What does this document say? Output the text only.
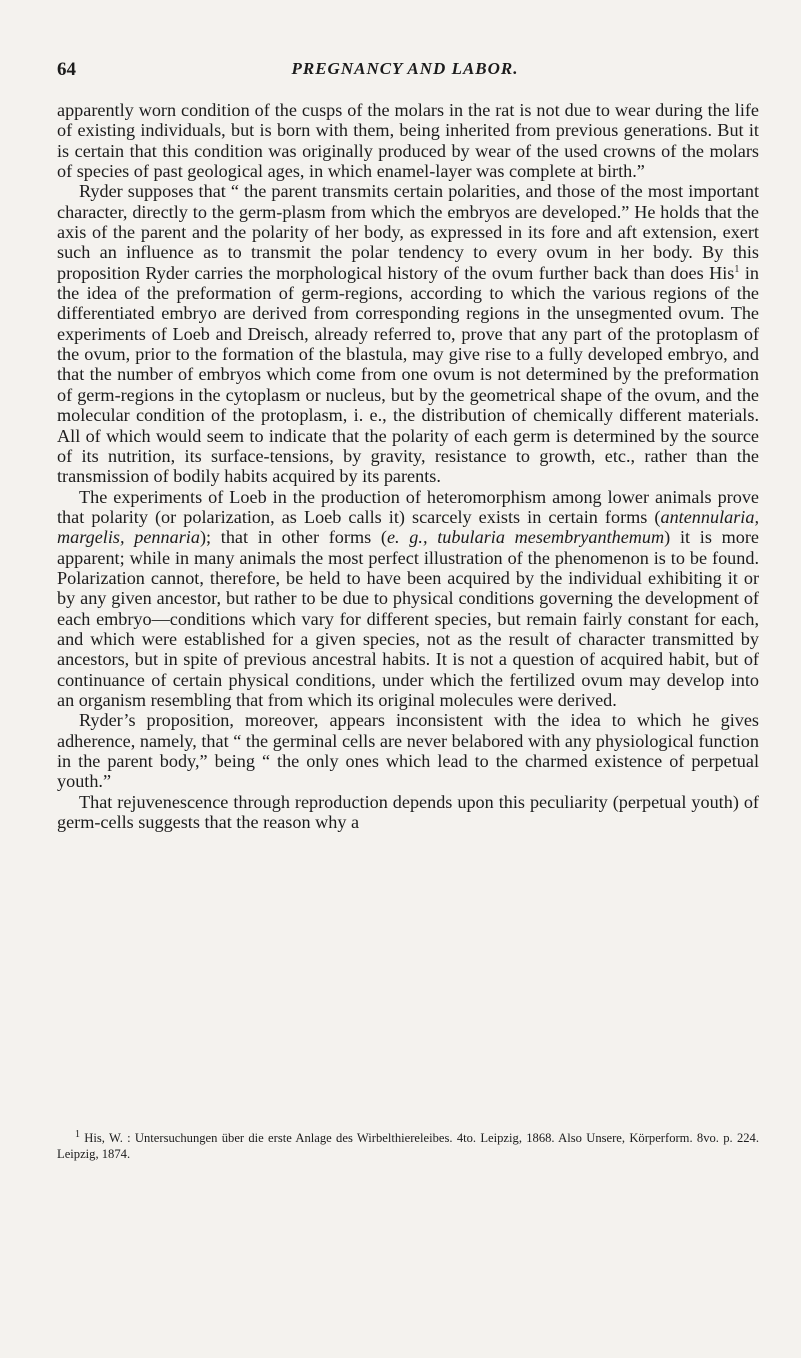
64	PREGNANCY AND LABOR.

apparently worn condition of the cusps of the molars in the rat is not due to wear during the life of existing individuals, but is born with them, being inherited from previous generations. But it is certain that this condition was originally produced by wear of the used crowns of the molars of species of past geological ages, in which enamel-layer was complete at birth.”

Ryder supposes that “ the parent transmits certain polarities, and those of the most important character, directly to the germ-plasm from which the embryos are developed.” He holds that the axis of the parent and the polarity of her body, as expressed in its fore and aft extension, exert such an influence as to transmit the polar tendency to every ovum in her body. By this proposition Ryder carries the morphological history of the ovum further back than does His$^1$ in the idea of the preformation of germ-regions, according to which the various regions of the differentiated embryo are derived from corresponding regions in the unsegmented ovum. The experiments of Loeb and Dreisch, already referred to, prove that any part of the protoplasm of the ovum, prior to the formation of the blastula, may give rise to a fully developed embryo, and that the number of embryos which come from one ovum is not determined by the preformation of germ-regions in the cytoplasm or nucleus, but by the geometrical shape of the ovum, and the molecular condition of the protoplasm, i. e., the distribution of chemically different materials. All of which would seem to indicate that the polarity of each germ is determined by the source of its nutrition, its surface-tensions, by gravity, resistance to growth, etc., rather than the transmission of bodily habits acquired by its parents.

The experiments of Loeb in the production of heteromorphism among lower animals prove that polarity (or polarization, as Loeb calls it) scarcely exists in certain forms (antennularia, margelis, pennaria); that in other forms (e. g., tubularia mesembryanthemum) it is more apparent; while in many animals the most perfect illustration of the phenomenon is to be found. Polarization cannot, therefore, be held to have been acquired by the individual exhibiting it or by any given ancestor, but rather to be due to physical conditions governing the development of each embryo—conditions which vary for different species, but remain fairly constant for each, and which were established for a given species, not as the result of character transmitted by ancestors, but in spite of previous ancestral habits. It is not a question of acquired habit, but of continuance of certain physical conditions, under which the fertilized ovum may develop into an organism resembling that from which its original molecules were derived.

Ryder’s proposition, moreover, appears inconsistent with the idea to which he gives adherence, namely, that “ the germinal cells are never belabored with any physiological function in the parent body,” being “ the only ones which lead to the charmed existence of perpetual youth.”

That rejuvenescence through reproduction depends upon this peculiarity (perpetual youth) of germ-cells suggests that the reason why a

$^1$ His, W. : Untersuchungen über die erste Anlage des Wirbelthiereleibes. 4to. Leipzig, 1868. Also Unsere, Körperform. 8vo. p. 224. Leipzig, 1874.
